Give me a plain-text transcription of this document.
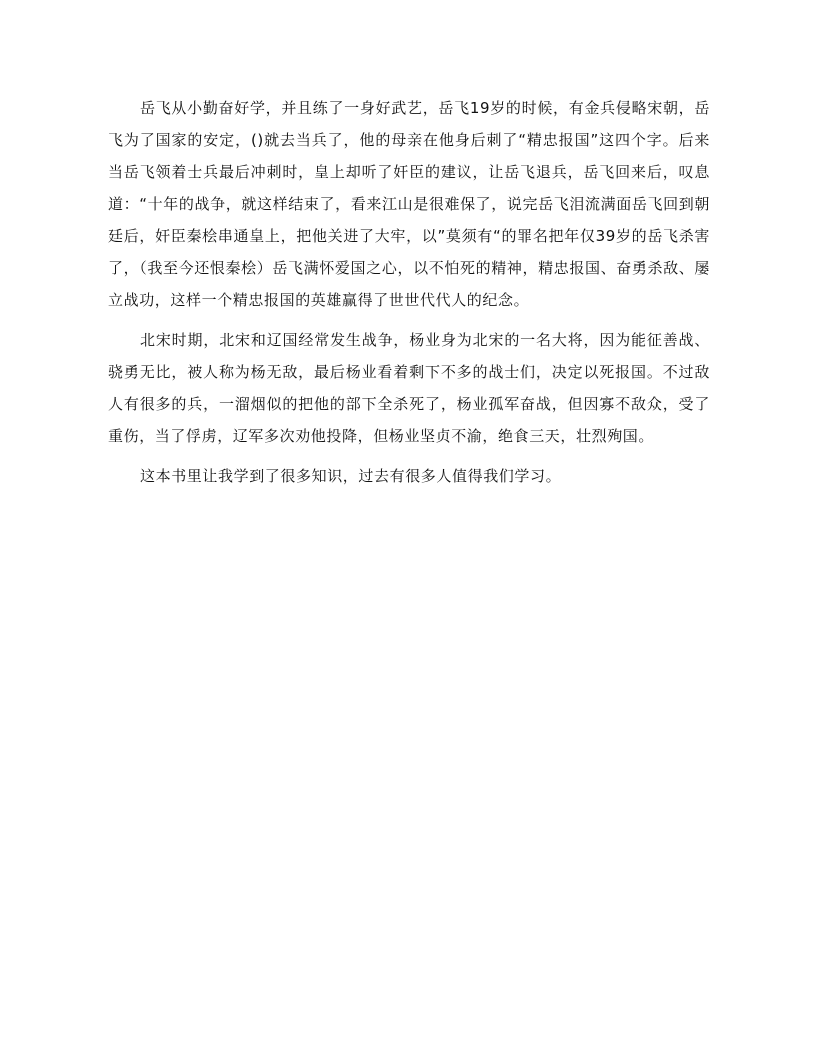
岳飞从小勤奋好学，并且练了一身好武艺，岳飞19岁的时候，有金兵侵略宋朝，岳飞为了国家的安定，()就去当兵了，他的母亲在他身后刺了“精忠报国”这四个字。后来当岳飞领着士兵最后冲刺时，皇上却听了奸臣的建议，让岳飞退兵，岳飞回来后，叹息道：“十年的战争，就这样结束了，看来江山是很难保了，说完岳飞泪流满面岳飞回到朝廷后，奸臣秦桧串通皇上，把他关进了大牢，以”莫须有“的罪名把年仅39岁的岳飞杀害了，（我至今还恨秦桧）岳飞满怀爱国之心，以不怕死的精神，精忠报国、奋勇杀敌、屡立战功，这样一个精忠报国的英雄赢得了世世代代人的纪念。

北宋时期，北宋和辽国经常发生战争，杨业身为北宋的一名大将，因为能征善战、骁勇无比，被人称为杨无敌，最后杨业看着剩下不多的战士们，决定以死报国。不过敌人有很多的兵，一溜烟似的把他的部下全杀死了，杨业孤军奋战，但因寡不敌众，受了重伤，当了俘虏，辽军多次劝他投降，但杨业坚贞不渝，绝食三天，壮烈殉国。

这本书里让我学到了很多知识，过去有很多人值得我们学习。
